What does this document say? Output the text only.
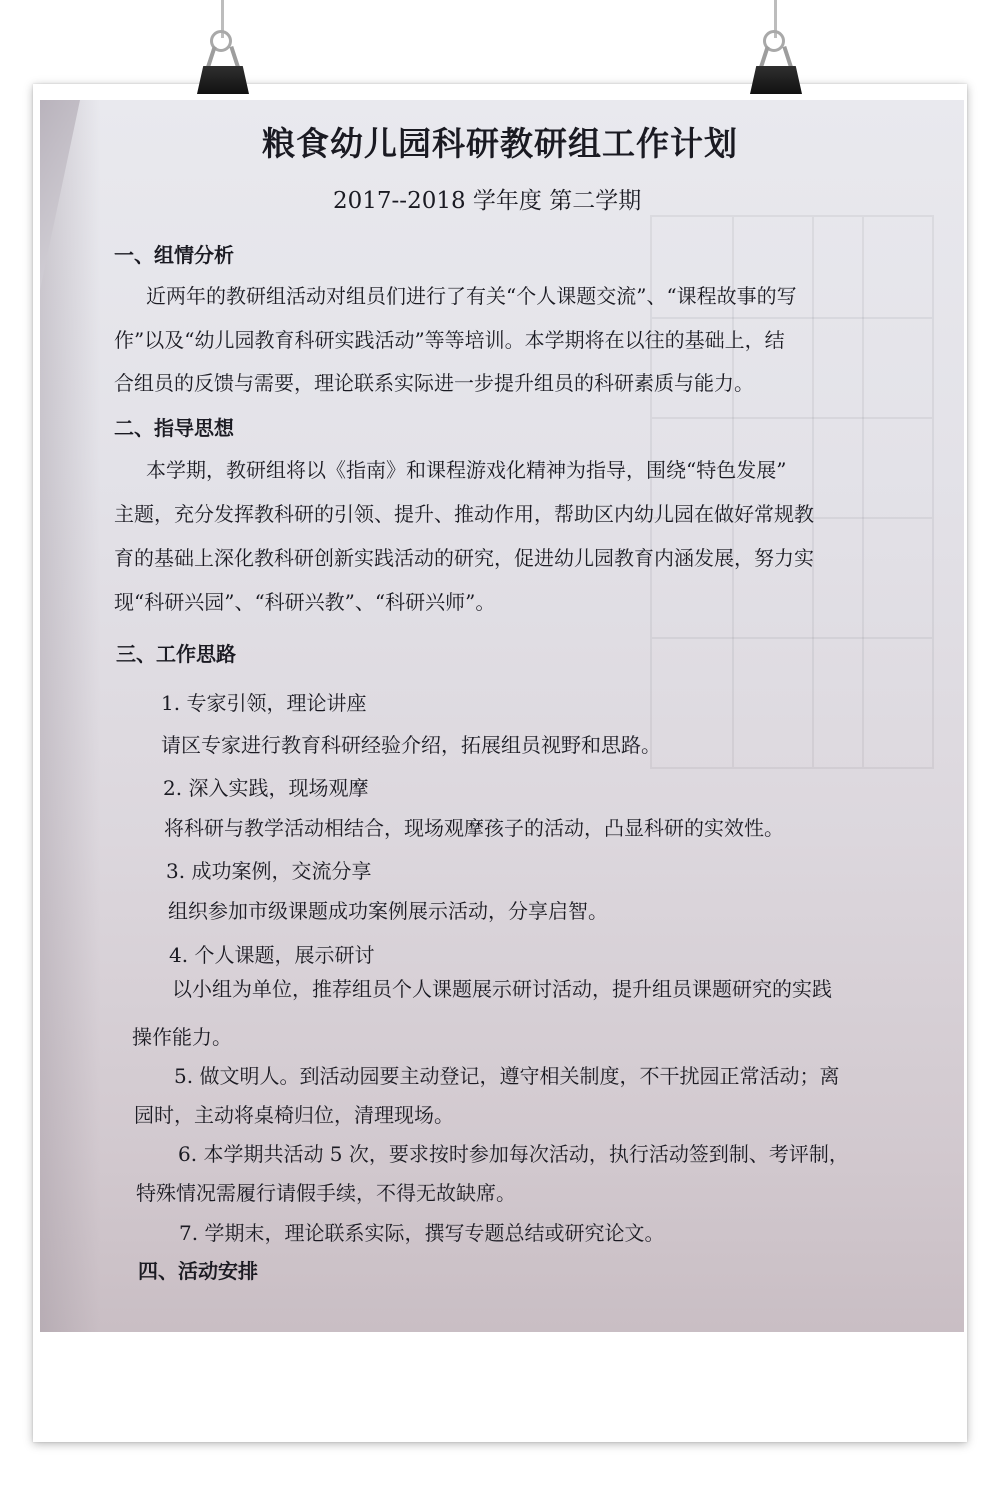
粮食幼儿园科研教研组工作计划
2017--2018 学年度 第二学期
一、组情分析
近两年的教研组活动对组员们进行了有关“个人课题交流”、“课程故事的写
作”以及“幼儿园教育科研实践活动”等等培训。本学期将在以往的基础上，结
合组员的反馈与需要，理论联系实际进一步提升组员的科研素质与能力。
二、指导思想
本学期，教研组将以《指南》和课程游戏化精神为指导，围绕“特色发展”
主题，充分发挥教科研的引领、提升、推动作用，帮助区内幼儿园在做好常规教
育的基础上深化教科研创新实践活动的研究，促进幼儿园教育内涵发展，努力实
现“科研兴园”、“科研兴教”、“科研兴师”。
三、工作思路
1. 专家引领，理论讲座
请区专家进行教育科研经验介绍，拓展组员视野和思路。
2. 深入实践，现场观摩
将科研与教学活动相结合，现场观摩孩子的活动，凸显科研的实效性。
3. 成功案例，交流分享
组织参加市级课题成功案例展示活动，分享启智。
4. 个人课题，展示研讨
以小组为单位，推荐组员个人课题展示研讨活动，提升组员课题研究的实践
操作能力。
5. 做文明人。到活动园要主动登记，遵守相关制度，不干扰园正常活动；离
园时，主动将桌椅归位，清理现场。
6. 本学期共活动 5 次，要求按时参加每次活动，执行活动签到制、考评制，
特殊情况需履行请假手续，不得无故缺席。
7. 学期末，理论联系实际，撰写专题总结或研究论文。
四、活动安排
